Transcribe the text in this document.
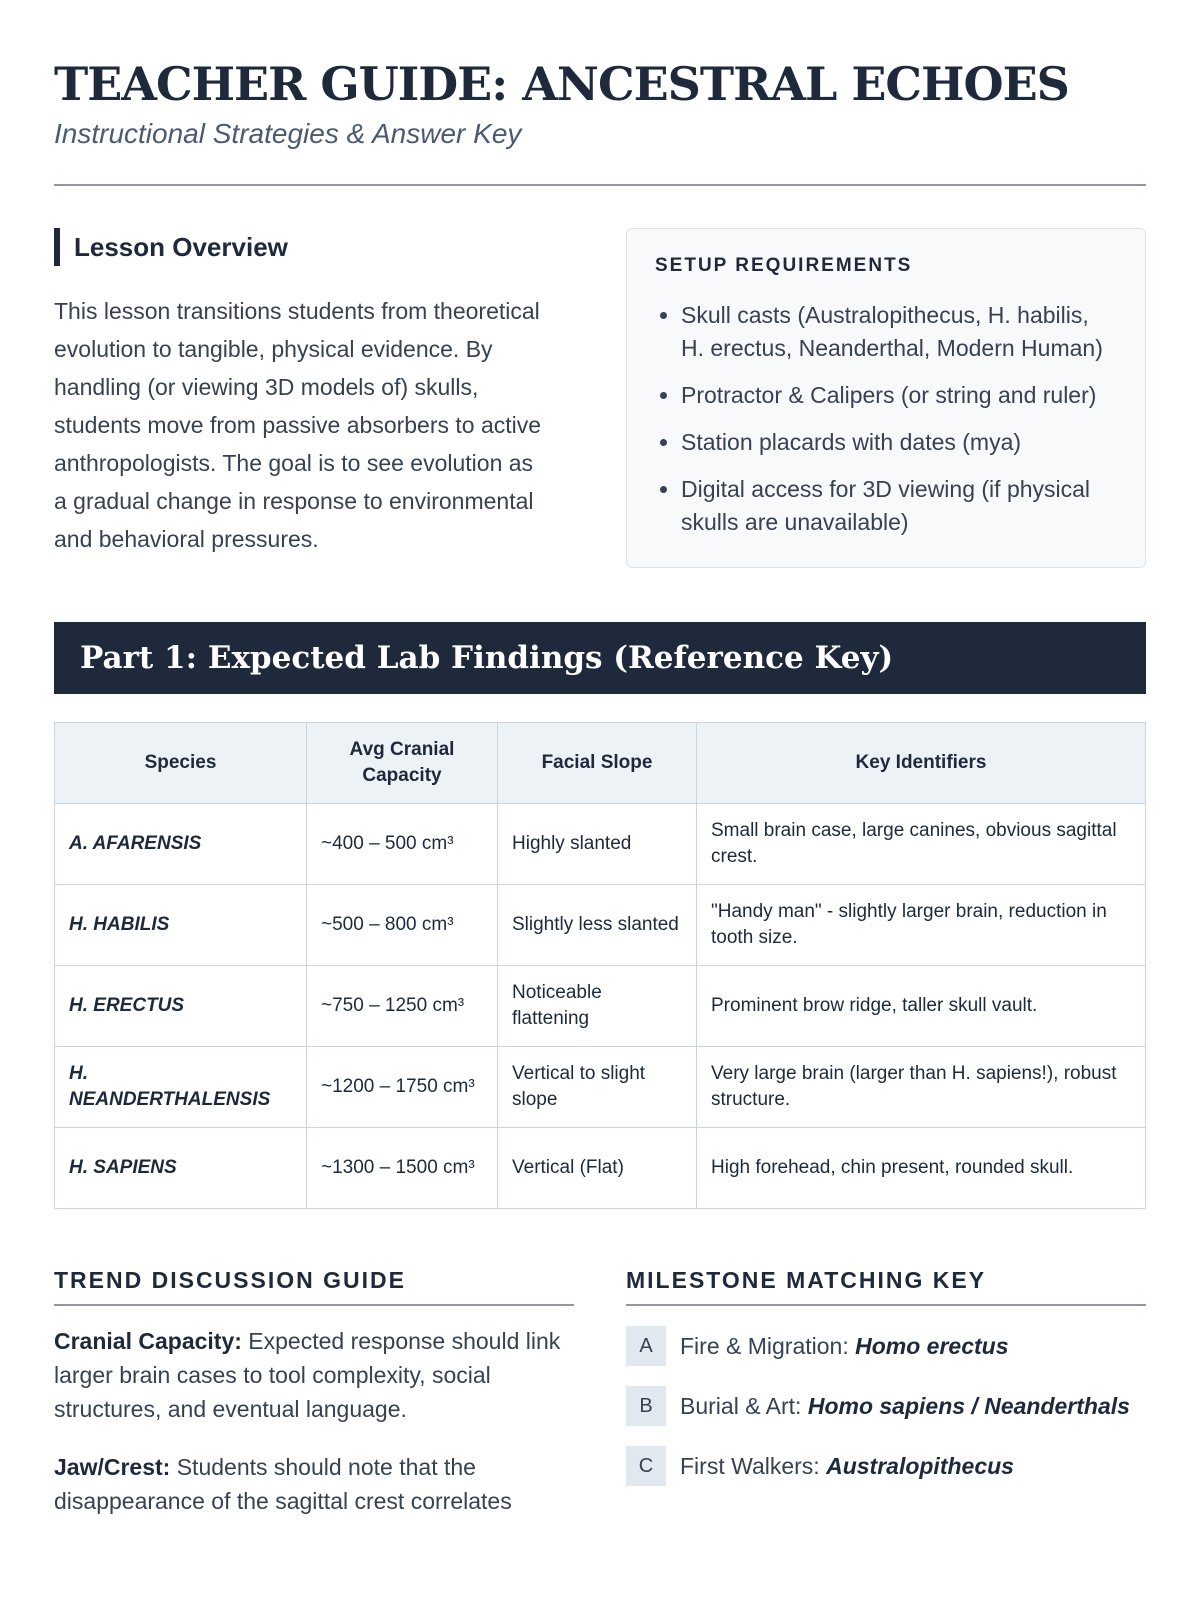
TEACHER GUIDE: ANCESTRAL ECHOES
Instructional Strategies & Answer Key
Lesson Overview
This lesson transitions students from theoretical evolution to tangible, physical evidence. By handling (or viewing 3D models of) skulls, students move from passive absorbers to active anthropologists. The goal is to see evolution as a gradual change in response to environmental and behavioral pressures.
SETUP REQUIREMENTS
• Skull casts (Australopithecus, H. habilis, H. erectus, Neanderthal, Modern Human)
• Protractor & Calipers (or string and ruler)
• Station placards with dates (mya)
• Digital access for 3D viewing (if physical skulls are unavailable)
Part 1: Expected Lab Findings (Reference Key)
Species	Avg Cranial Capacity	Facial Slope	Key Identifiers
A. AFARENSIS	~400 – 500 cm³	Highly slanted	Small brain case, large canines, obvious sagittal crest.
H. HABILIS	~500 – 800 cm³	Slightly less slanted	"Handy man" - slightly larger brain, reduction in tooth size.
H. ERECTUS	~750 – 1250 cm³	Noticeable flattening	Prominent brow ridge, taller skull vault.
H. NEANDERTHALENSIS	~1200 – 1750 cm³	Vertical to slight slope	Very large brain (larger than H. sapiens!), robust structure.
H. SAPIENS	~1300 – 1500 cm³	Vertical (Flat)	High forehead, chin present, rounded skull.
TREND DISCUSSION GUIDE

Cranial Capacity: Expected response should link larger brain cases to tool complexity, social structures, and eventual language.

Jaw/Crest: Students should note that the disappearance of the sagittal crest correlates

MILESTONE MATCHING KEY
A	Fire & Migration: Homo erectus
B	Burial & Art: Homo sapiens / Neanderthals
C	First Walkers: Australopithecus
